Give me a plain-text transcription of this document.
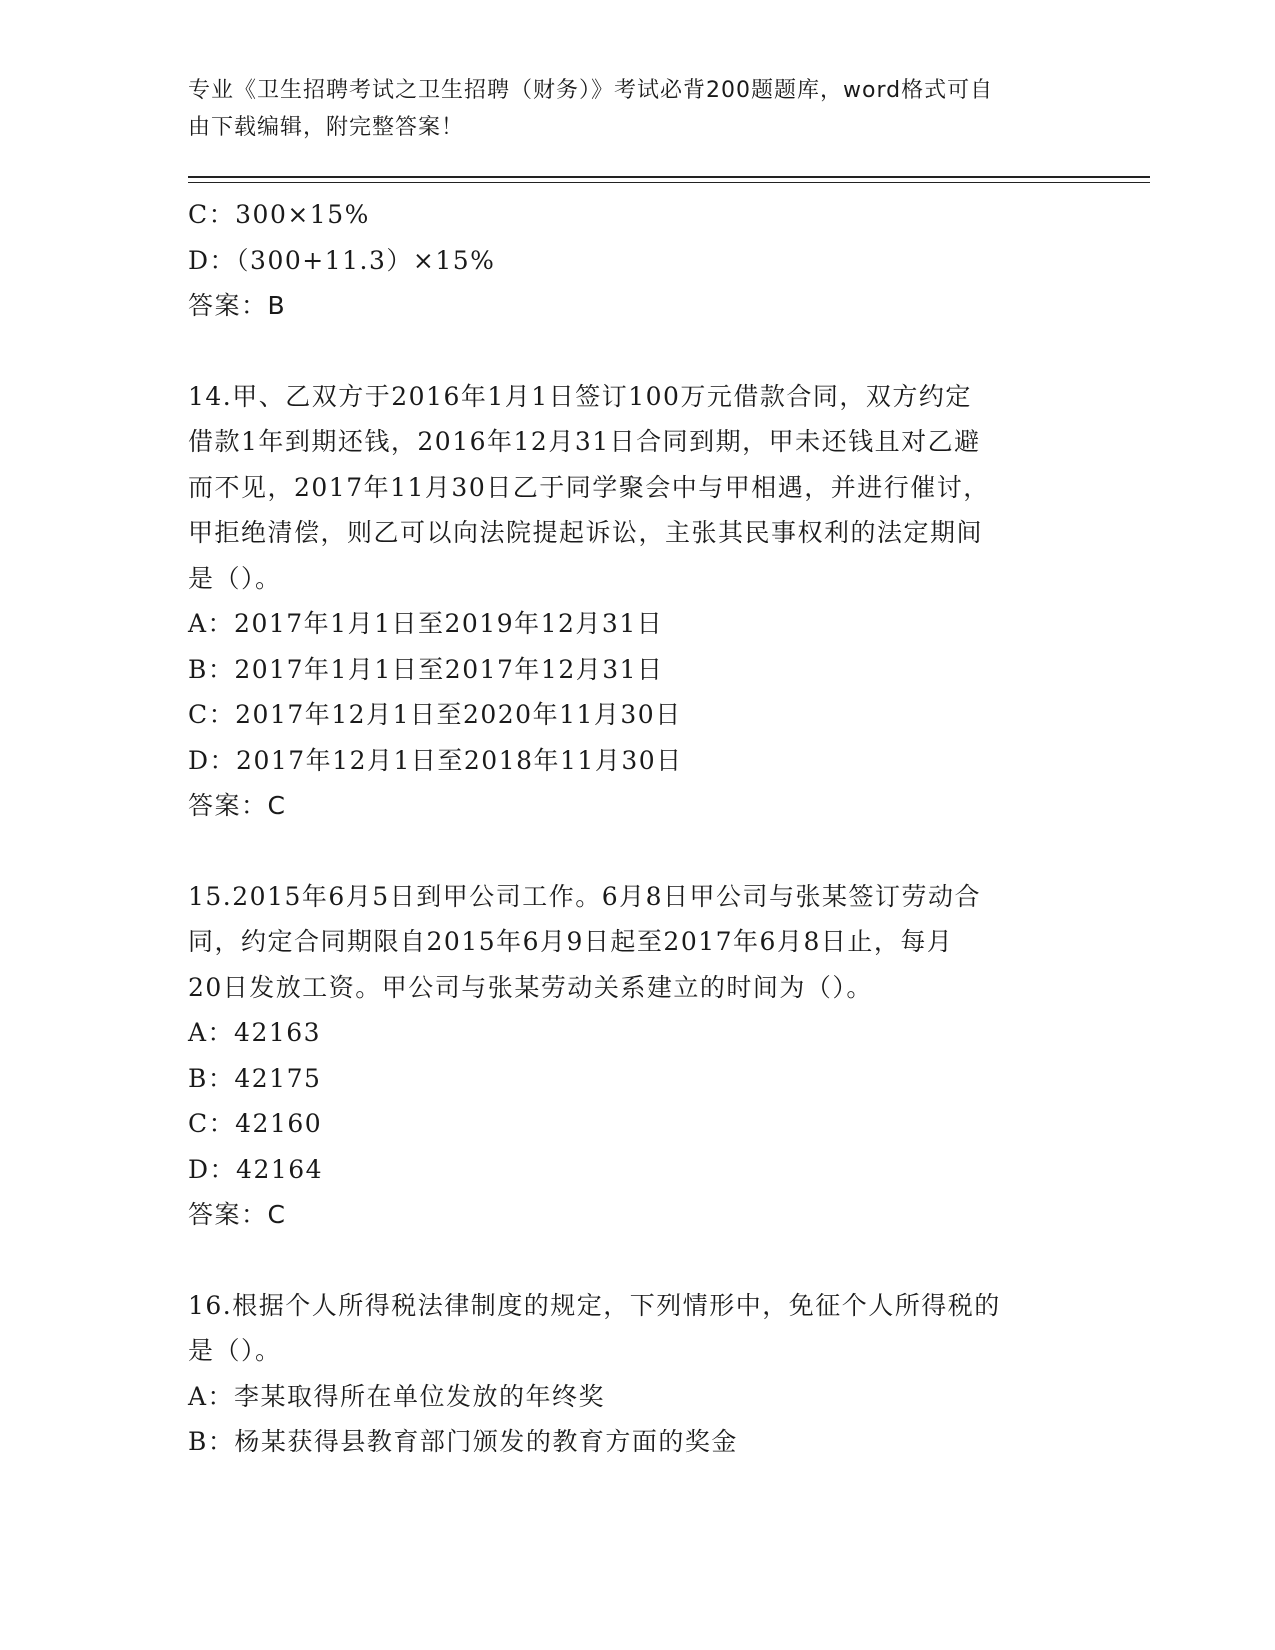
专业《卫生招聘考试之卫生招聘（财务）》考试必背200题题库，word格式可自
由下载编辑，附完整答案！
C：300×15%
D：（300+11.3）×15%
答案：B
14.甲、乙双方于2016年1月1日签订100万元借款合同，双方约定
借款1年到期还钱，2016年12月31日合同到期，甲未还钱且对乙避
而不见，2017年11月30日乙于同学聚会中与甲相遇，并进行催讨，
甲拒绝清偿，则乙可以向法院提起诉讼，主张其民事权利的法定期间
是（）。
A：2017年1月1日至2019年12月31日
B：2017年1月1日至2017年12月31日
C：2017年12月1日至2020年11月30日
D：2017年12月1日至2018年11月30日
答案：C
15.2015年6月5日到甲公司工作。6月8日甲公司与张某签订劳动合
同，约定合同期限自2015年6月9日起至2017年6月8日止，每月
20日发放工资。甲公司与张某劳动关系建立的时间为（）。
A：42163
B：42175
C：42160
D：42164
答案：C
16.根据个人所得税法律制度的规定，下列情形中，免征个人所得税的
是（）。
A：李某取得所在单位发放的年终奖
B：杨某获得县教育部门颁发的教育方面的奖金
